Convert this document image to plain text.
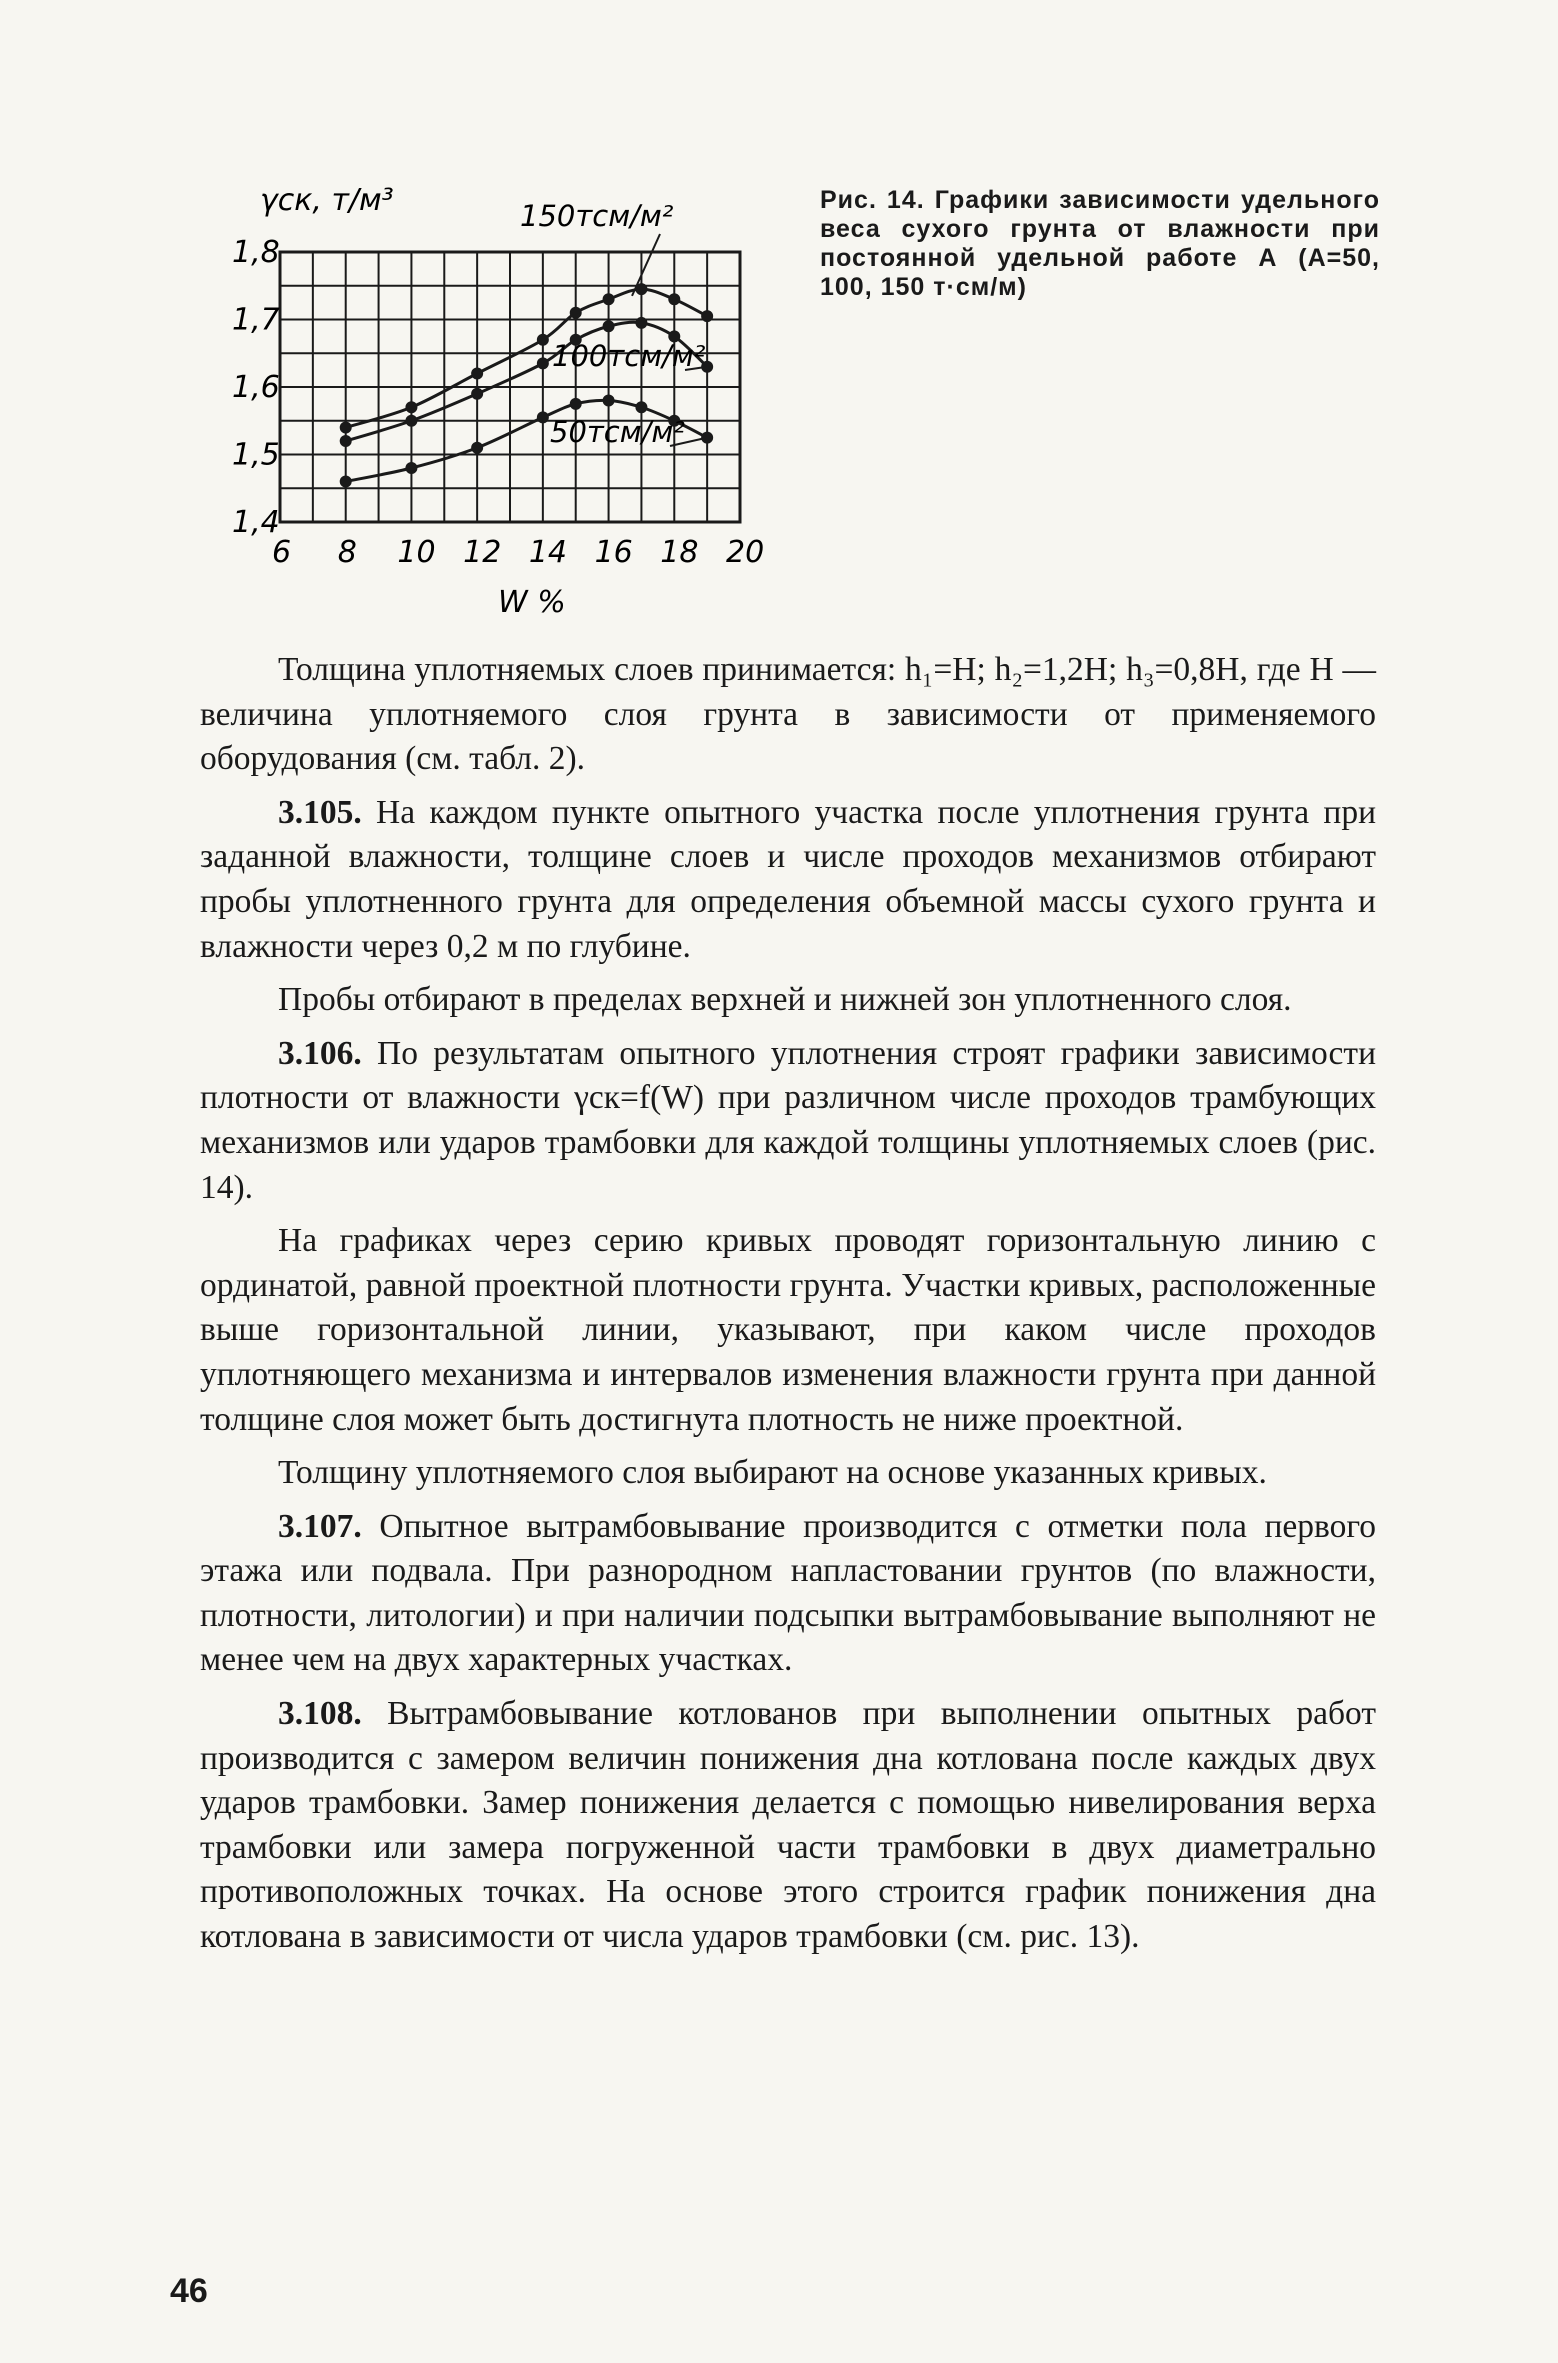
1,8
1,7
1,6
1,5
1,4
6 8 10 12 14 16 18 20
γск, т/м³
W %
150тсм/м²
100тсм/м²
50тсм/м²
Рис. 14. Графики зависимости удельного веса сухого грунта от влажности при постоянной удельной работе А (А=50, 100, 150 т·см/м)

Толщина уплотняемых слоев принимается: h₁=H; h₂=1,2H; h₃=0,8H, где H — величина уплотняемого слоя грунта в зависимости от применяемого оборудования (см. табл. 2).

3.105. На каждом пункте опытного участка после уплотнения грунта при заданной влажности, толщине слоев и числе проходов механизмов отбирают пробы уплотненного грунта для определения объемной массы сухого грунта и влажности через 0,2 м по глубине.

Пробы отбирают в пределах верхней и нижней зон уплотненного слоя.

3.106. По результатам опытного уплотнения строят графики зависимости плотности от влажности γск=f(W) при различном числе проходов трамбующих механизмов или ударов трамбовки для каждой толщины уплотняемых слоев (рис. 14).

На графиках через серию кривых проводят горизонтальную линию с ординатой, равной проектной плотности грунта. Участки кривых, расположенные выше горизонтальной линии, указывают, при каком числе проходов уплотняющего механизма и интервалов изменения влажности грунта при данной толщине слоя может быть достигнута плотность не ниже проектной.

Толщину уплотняемого слоя выбирают на основе указанных кривых.

3.107. Опытное вытрамбовывание производится с отметки пола первого этажа или подвала. При разнородном напластовании грунтов (по влажности, плотности, литологии) и при наличии подсыпки вытрамбовывание выполняют не менее чем на двух характерных участках.

3.108. Вытрамбовывание котлованов при выполнении опытных работ производится с замером величин понижения дна котлована после каждых двух ударов трамбовки. Замер понижения делается с помощью нивелирования верха трамбовки или замера погруженной части трамбовки в двух диаметрально противоположных точках. На основе этого строится график понижения дна котлована в зависимости от числа ударов трамбовки (см. рис. 13).

46
